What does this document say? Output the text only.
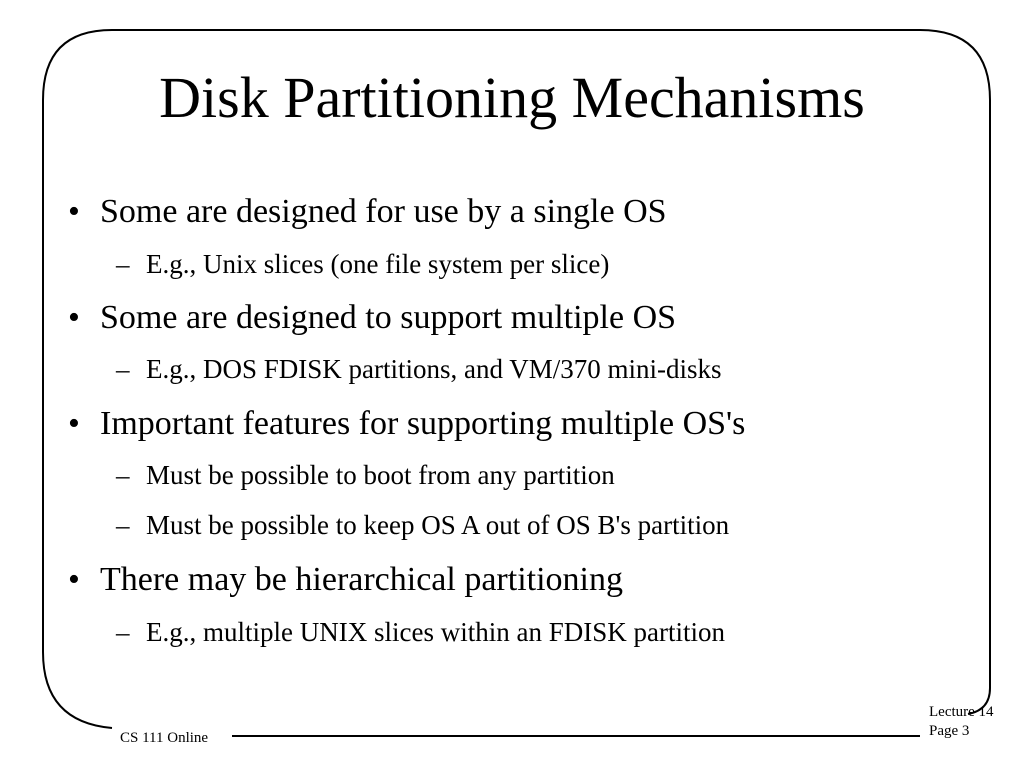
Disk Partitioning Mechanisms
• Some are designed for use by a single OS
– E.g., Unix slices (one file system per slice)
• Some are designed to support multiple OS
– E.g., DOS FDISK partitions, and VM/370 mini-disks
• Important features for supporting multiple OS's
– Must be possible to boot from any partition
– Must be possible to keep OS A out of OS B's partition
• There may be hierarchical partitioning
– E.g., multiple UNIX slices within an FDISK partition
CS 111 Online
Lecture 14
Page 3
